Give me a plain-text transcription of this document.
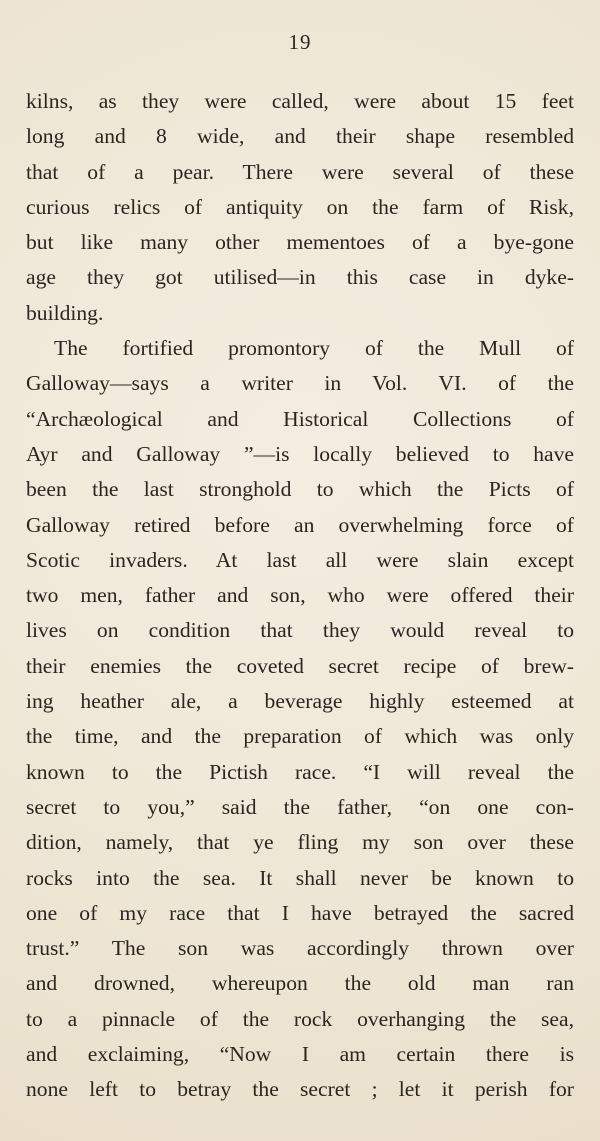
19
kilns, as they were called, were about 15 feet
long and 8 wide, and their shape resembled
that of a pear. There were several of these
curious relics of antiquity on the farm of Risk,
but like many other mementoes of a bye-gone
age they got utilised—in this case in dyke-
building.
The fortified promontory of the Mull of
Galloway—says a writer in Vol. VI. of the
“Archæological and Historical Collections of
Ayr and Galloway ”—is locally believed to have
been the last stronghold to which the Picts of
Galloway retired before an overwhelming force of
Scotic invaders. At last all were slain except
two men, father and son, who were offered their
lives on condition that they would reveal to
their enemies the coveted secret recipe of brew-
ing heather ale, a beverage highly esteemed at
the time, and the preparation of which was only
known to the Pictish race. “I will reveal the
secret to you,” said the father, “on one con-
dition, namely, that ye fling my son over these
rocks into the sea. It shall never be known to
one of my race that I have betrayed the sacred
trust.” The son was accordingly thrown over
and drowned, whereupon the old man ran
to a pinnacle of the rock overhanging the sea,
and exclaiming, “Now I am certain there is
none left to betray the secret ; let it perish for
